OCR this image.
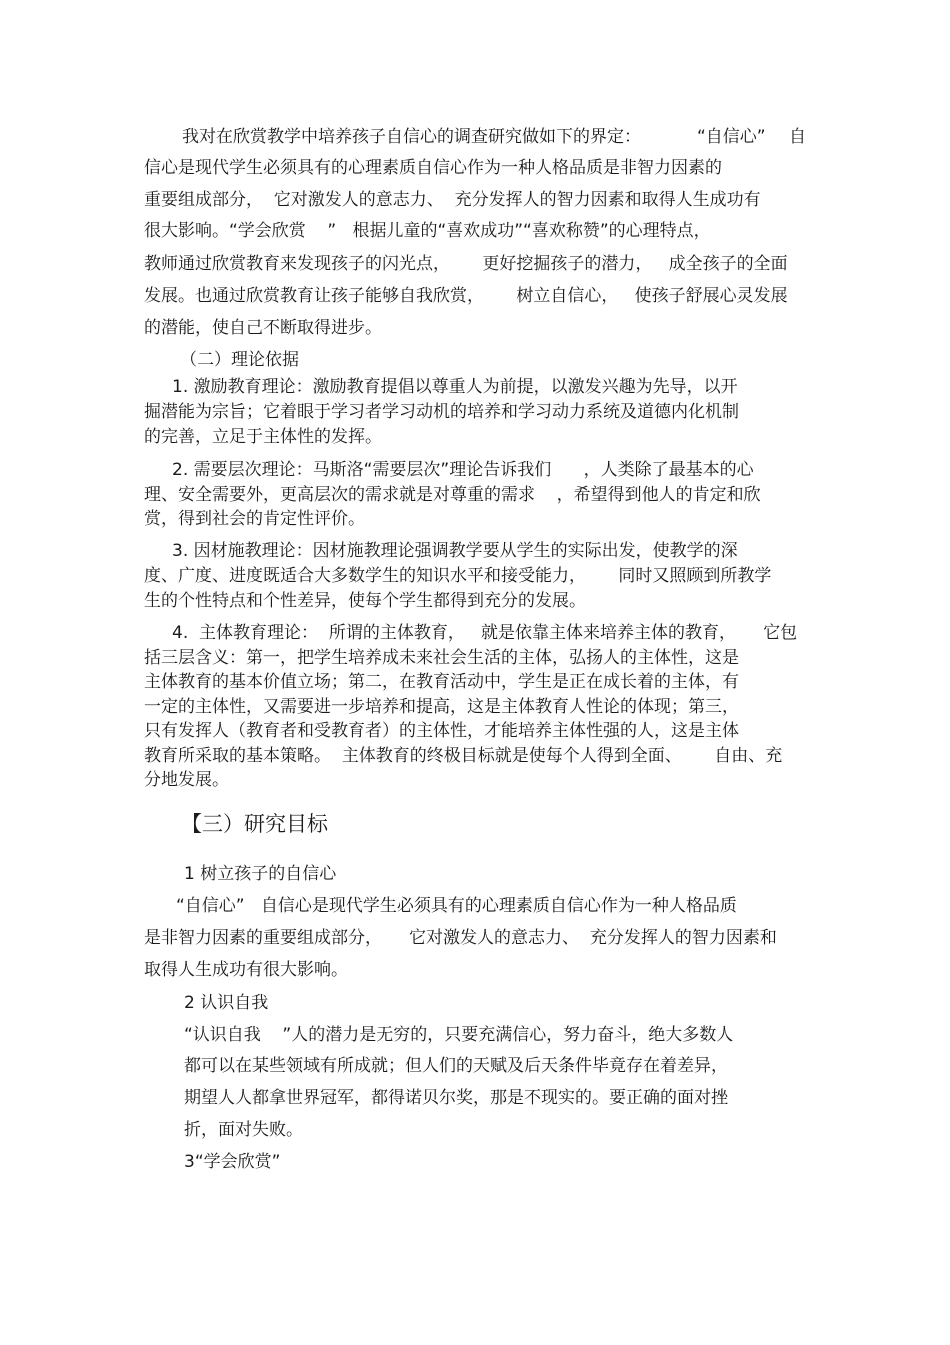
我对在欣赏教学中培养孩子自信心的调查研究做如下的界定：	“自信心” 自

信心是现代学生必须具有的心理素质自信心作为一种人格品质是非智力因素的

重要组成部分，  它对激发人的意志力、  充分发挥人的智力因素和取得人生成功有

很大影响。“学会欣赏    ”   根据儿童的“喜欢成功”“喜欢称赞”的心理特点，

教师通过欣赏教育来发现孩子的闪光点，      更好挖掘孩子的潜力，   成全孩子的全面

发展。也通过欣赏教育让孩子能够自我欣赏，      树立自信心，   使孩子舒展心灵发展

的潜能，使自己不断取得进步。

（二）理论依据

1. 激励教育理论：激励教育提倡以尊重人为前提，以激发兴趣为先导，以开

掘潜能为宗旨；它着眼于学习者学习动机的培养和学习动力系统及道德内化机制

的完善，立足于主体性的发挥。

2. 需要层次理论：马斯洛“需要层次”理论告诉我们      ，人类除了最基本的心

理、安全需要外，更高层次的需求就是对尊重的需求    ，希望得到他人的肯定和欣

赏，得到社会的肯定性评价。

3. 因材施教理论：因材施教理论强调教学要从学生的实际出发，使教学的深

度、广度、进度既适合大多数学生的知识水平和接受能力，      同时又照顾到所教学

生的个性特点和个性差异，使每个学生都得到充分的发展。

4.  主体教育理论：  所谓的主体教育，   就是依靠主体来培养主体的教育，     它包

括三层含义：第一，把学生培养成未来社会生活的主体，弘扬人的主体性，这是

主体教育的基本价值立场；第二，在教育活动中，学生是正在成长着的主体，有

一定的主体性，又需要进一步培养和提高，这是主体教育人性论的体现；第三，

只有发挥人（教育者和受教育者）的主体性，才能培养主体性强的人，这是主体

教育所采取的基本策略。  主体教育的终极目标就是使每个人得到全面、      自由、充

分地发展。

【三）研究目标

1 树立孩子的自信心

“自信心”   自信心是现代学生必须具有的心理素质自信心作为一种人格品质

是非智力因素的重要组成部分，     它对激发人的意志力、  充分发挥人的智力因素和

取得人生成功有很大影响。

2 认识自我

“认识自我    ”人的潜力是无穷的，只要充满信心，努力奋斗，绝大多数人

都可以在某些领域有所成就；但人们的天赋及后天条件毕竟存在着差异，

期望人人都拿世界冠军，都得诺贝尔奖，那是不现实的。要正确的面对挫

折，面对失败。

3“学会欣赏”
